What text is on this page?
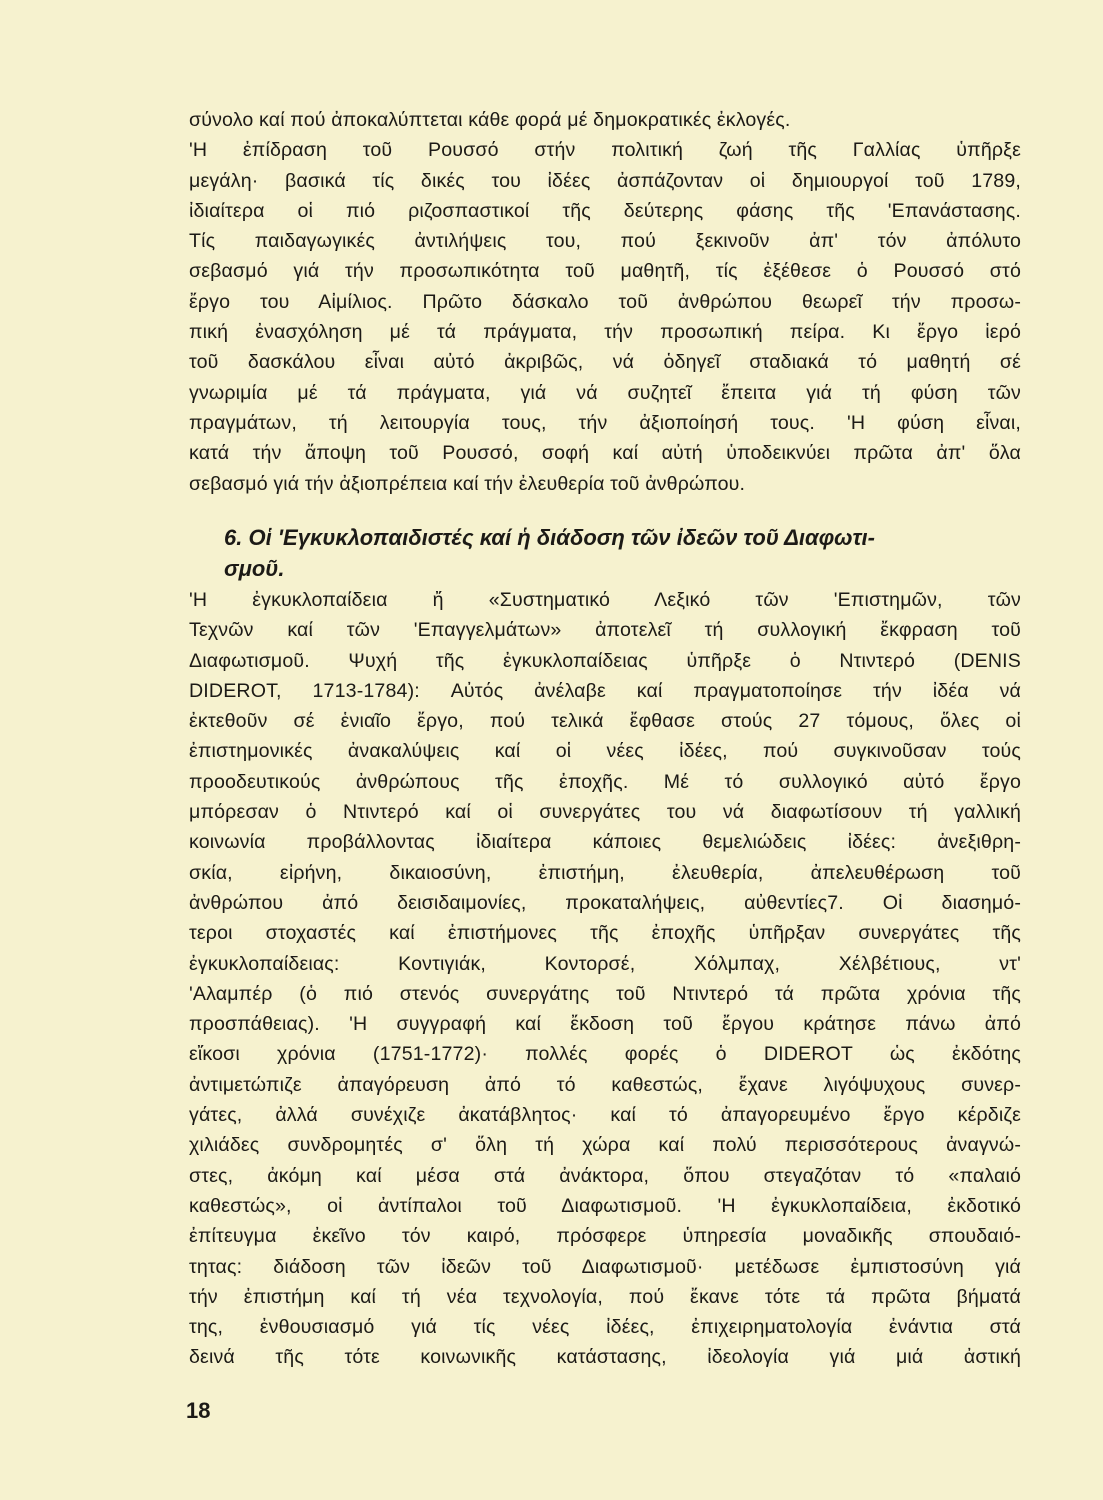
σύνολο καί πού ἀποκαλύπτεται κάθε φορά μέ δημοκρατικές ἐκλογές.
'Η ἐπίδραση τοῦ Ρουσσό στήν πολιτική ζωή τῆς Γαλλίας ὑπῆρξε
μεγάλη· βασικά τίς δικές του ἰδέες ἀσπάζονταν οἱ δημιουργοί τοῦ 1789,
ἰδιαίτερα οἱ πιό ριζοσπαστικοί τῆς δεύτερης φάσης τῆς 'Επανάστασης.
Τίς παιδαγωγικές ἀντιλήψεις του, πού ξεκινοῦν ἀπ' τόν ἀπόλυτο
σεβασμό γιά τήν προσωπικότητα τοῦ μαθητῆ, τίς ἐξέθεσε ὁ Ρουσσό στό
ἔργο του Αἰμίλιος. Πρῶτο δάσκαλο τοῦ ἀνθρώπου θεωρεῖ τήν προσω-
πική ἐνασχόληση μέ τά πράγματα, τήν προσωπική πείρα. Κι ἔργο ἱερό
τοῦ δασκάλου εἶναι αὐτό ἀκριβῶς, νά ὁδηγεῖ σταδιακά τό μαθητή σέ
γνωριμία μέ τά πράγματα, γιά νά συζητεῖ ἔπειτα γιά τή φύση τῶν
πραγμάτων, τή λειτουργία τους, τήν ἀξιοποίησή τους. 'Η φύση εἶναι,
κατά τήν ἄποψη τοῦ Ρουσσό, σοφή καί αὐτή ὑποδεικνύει πρῶτα ἀπ' ὅλα
σεβασμό γιά τήν ἀξιοπρέπεια καί τήν ἐλευθερία τοῦ ἀνθρώπου.
6. Οἱ 'Εγκυκλοπαιδιστές καί ἡ διάδοση τῶν ἰδεῶν τοῦ Διαφωτι-
σμοῦ.
'Η ἐγκυκλοπαίδεια ἤ «Συστηματικό Λεξικό τῶν 'Επιστημῶν, τῶν
Τεχνῶν καί τῶν 'Επαγγελμάτων» ἀποτελεῖ τή συλλογική ἔκφραση τοῦ
Διαφωτισμοῦ. Ψυχή τῆς ἐγκυκλοπαίδειας ὑπῆρξε ὁ Ντιντερό (DENIS
DIDEROT, 1713-1784): Αὐτός ἀνέλαβε καί πραγματοποίησε τήν ἰδέα νά
ἐκτεθοῦν σέ ἑνιαῖο ἔργο, πού τελικά ἔφθασε στούς 27 τόμους, ὅλες οἱ
ἐπιστημονικές ἀνακαλύψεις καί οἱ νέες ἰδέες, πού συγκινοῦσαν τούς
προοδευτικούς ἀνθρώπους τῆς ἐποχῆς. Μέ τό συλλογικό αὐτό ἔργο
μπόρεσαν ὁ Ντιντερό καί οἱ συνεργάτες του νά διαφωτίσουν τή γαλλική
κοινωνία προβάλλοντας ἰδιαίτερα κάποιες θεμελιώδεις ἰδέες: ἀνεξιθρη-
σκία, εἰρήνη, δικαιοσύνη, ἐπιστήμη, ἐλευθερία, ἀπελευθέρωση τοῦ
ἀνθρώπου ἀπό δεισιδαιμονίες, προκαταλήψεις, αὐθεντίες7. Οἱ διασημό-
τεροι στοχαστές καί ἐπιστήμονες τῆς ἐποχῆς ὑπῆρξαν συνεργάτες τῆς
ἐγκυκλοπαίδειας: Κοντιγιάκ, Κοντορσέ, Χόλμπαχ, Χέλβέτιους, ντ'
'Αλαμπέρ (ὁ πιό στενός συνεργάτης τοῦ Ντιντερό τά πρῶτα χρόνια τῆς
προσπάθειας). 'Η συγγραφή καί ἔκδοση τοῦ ἔργου κράτησε πάνω ἀπό
εἴκοσι χρόνια (1751-1772)· πολλές φορές ὁ DIDEROT ὡς ἐκδότης
ἀντιμετώπιζε ἀπαγόρευση ἀπό τό καθεστώς, ἔχανε λιγόψυχους συνερ-
γάτες, ἀλλά συνέχιζε ἀκατάβλητος· καί τό ἀπαγορευμένο ἔργο κέρδιζε
χιλιάδες συνδρομητές σ' ὅλη τή χώρα καί πολύ περισσότερους ἀναγνώ-
στες, ἀκόμη καί μέσα στά ἀνάκτορα, ὅπου στεγαζόταν τό «παλαιό
καθεστώς», οἱ ἀντίπαλοι τοῦ Διαφωτισμοῦ. 'Η ἐγκυκλοπαίδεια, ἐκδοτικό
ἐπίτευγμα ἐκεῖνο τόν καιρό, πρόσφερε ὑπηρεσία μοναδικῆς σπουδαιό-
τητας: διάδοση τῶν ἰδεῶν τοῦ Διαφωτισμοῦ· μετέδωσε ἐμπιστοσύνη γιά
τήν ἐπιστήμη καί τή νέα τεχνολογία, πού ἔκανε τότε τά πρῶτα βήματά
της, ἐνθουσιασμό γιά τίς νέες ἰδέες, ἐπιχειρηματολογία ἐνάντια στά
δεινά τῆς τότε κοινωνικῆς κατάστασης, ἰδεολογία γιά μιά ἀστική
18
